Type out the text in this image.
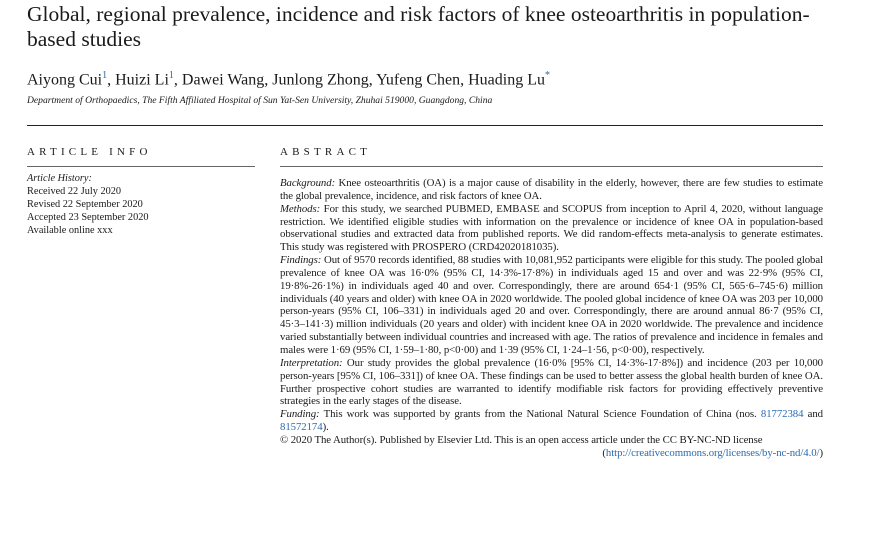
Global, regional prevalence, incidence and risk factors of knee osteoarthritis in population-based studies
Aiyong Cui$^1$, Huizi Li$^1$, Dawei Wang, Junlong Zhong, Yufeng Chen, Huading Lu*
Department of Orthopaedics, The Fifth Affiliated Hospital of Sun Yat-Sen University, Zhuhai 519000, Guangdong, China
ARTICLE INFO	ABSTRACT
Article History:
Received 22 July 2020
Revised 22 September 2020
Accepted 23 September 2020
Available online xxx

Background: Knee osteoarthritis (OA) is a major cause of disability in the elderly, however, there are few studies to estimate the global prevalence, incidence, and risk factors of knee OA.

Methods: For this study, we searched PUBMED, EMBASE and SCOPUS from inception to April 4, 2020, without language restriction. We identified eligible studies with information on the prevalence or incidence of knee OA in population-based observational studies and extracted data from published reports. We did random-effects meta-analysis to generate estimates. This study was registered with PROSPERO (CRD42020181035).

Findings: Out of 9570 records identified, 88 studies with 10,081,952 participants were eligible for this study. The pooled global prevalence of knee OA was 16·0% (95% CI, 14·3%-17·8%) in individuals aged 15 and over and was 22·9% (95% CI, 19·8%-26·1%) in individuals aged 40 and over. Correspondingly, there are around 654·1 (95% CI, 565·6–745·6) million individuals (40 years and older) with knee OA in 2020 worldwide. The pooled global incidence of knee OA was 203 per 10,000 person-years (95% CI, 106–331) in individuals aged 20 and over. Correspondingly, there are around annual 86·7 (95% CI, 45·3–141·3) million individuals (20 years and older) with incident knee OA in 2020 worldwide. The prevalence and incidence varied substantially between individual countries and increased with age. The ratios of prevalence and incidence in females and males were 1·69 (95% CI, 1·59–1·80, p<0·00) and 1·39 (95% CI, 1·24–1·56, p<0·00), respectively.

Interpretation: Our study provides the global prevalence (16·0% [95% CI, 14·3%-17·8%]) and incidence (203 per 10,000 person-years [95% CI, 106–331]) of knee OA. These findings can be used to better assess the global health burden of knee OA. Further prospective cohort studies are warranted to identify modifiable risk factors for providing effectively preventive strategies in the early stages of the disease.

Funding: This work was supported by grants from the National Natural Science Foundation of China (nos. 81772384 and 81572174).

© 2020 The Author(s). Published by Elsevier Ltd. This is an open access article under the CC BY-NC-ND license

(http://creativecommons.org/licenses/by-nc-nd/4.0/)
